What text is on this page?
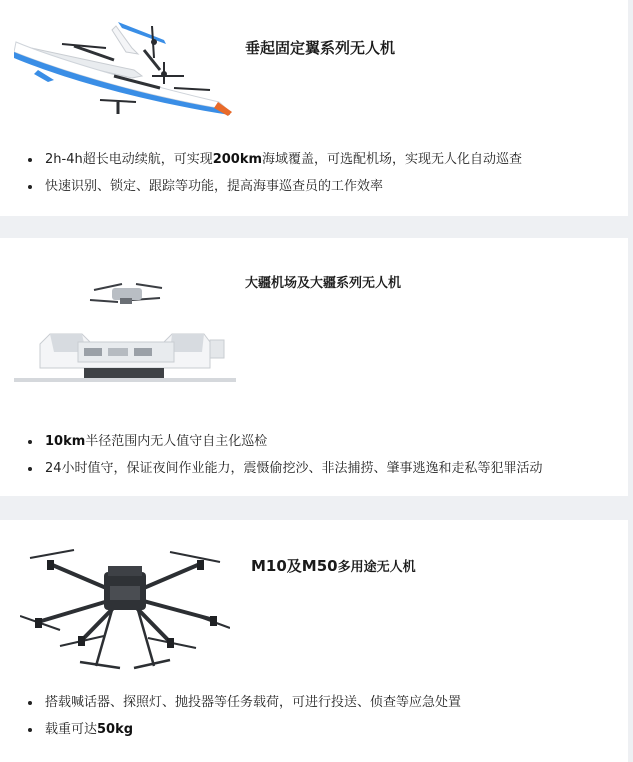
垂起固定翼系列无人机
2h-4h超长电动续航，可实现200km海域覆盖，可选配机场，实现无人化自动巡查
快速识别、锁定、跟踪等功能，提高海事巡查员的工作效率
大疆机场及大疆系列无人机
10km半径范围内无人值守自主化巡检
24小时值守，保证夜间作业能力，震慑偷挖沙、非法捕捞、肇事逃逸和走私等犯罪活动
M10及M50多用途无人机
搭载喊话器、探照灯、抛投器等任务载荷，可进行投送、侦查等应急处置
载重可达50kg
